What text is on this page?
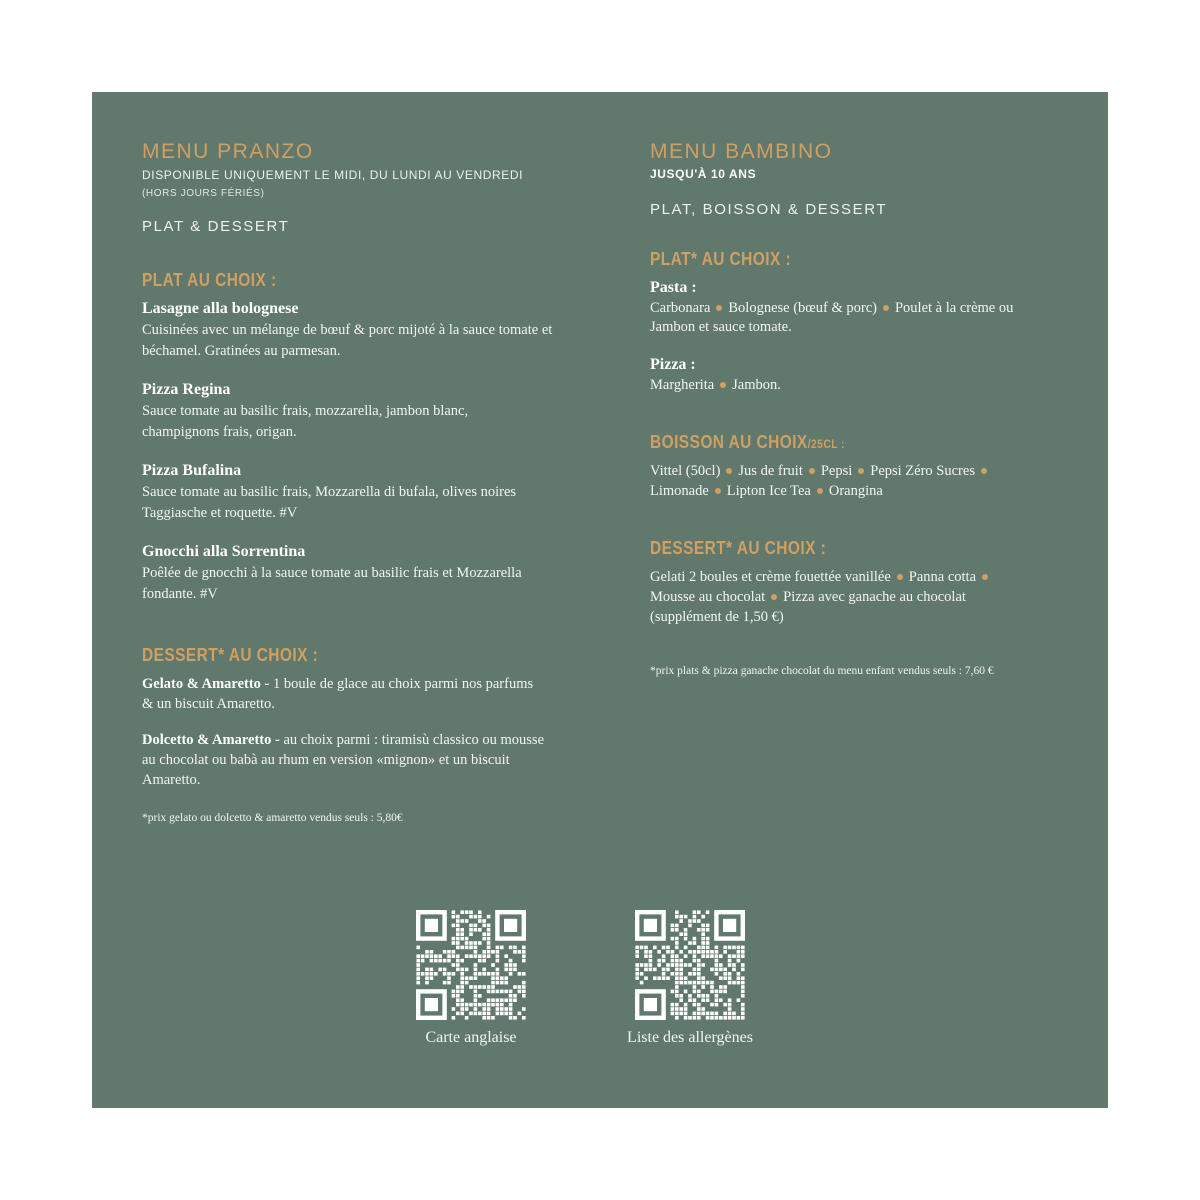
MENU PRANZO
DISPONIBLE UNIQUEMENT LE MIDI, DU LUNDI AU VENDREDI
(HORS JOURS FÉRIÉS)
PLAT & DESSERT
PLAT AU CHOIX :
Lasagne alla bolognese
Cuisinées avec un mélange de bœuf & porc mijoté à la sauce tomate et béchamel. Gratinées au parmesan.
Pizza Regina
Sauce tomate au basilic frais, mozzarella, jambon blanc, champignons frais, origan.
Pizza Bufalina
Sauce tomate au basilic frais, Mozzarella di bufala, olives noires Taggiasche et roquette. #V
Gnocchi alla Sorrentina
Poêlée de gnocchi à la sauce tomate au basilic frais et Mozzarella fondante. #V
DESSERT* AU CHOIX :
Gelato & Amaretto - 1 boule de glace au choix parmi nos parfums & un biscuit Amaretto.
Dolcetto & Amaretto - au choix parmi : tiramisù classico ou mousse au chocolat ou babà au rhum en version «mignon» et un biscuit Amaretto.
*prix gelato ou dolcetto & amaretto vendus seuls : 5,80€
MENU BAMBINO
JUSQU'À 10 ANS
PLAT, BOISSON & DESSERT
PLAT* AU CHOIX :
Pasta :
Carbonara Bolognese (bœuf & porc) Poulet à la crème ou
Jambon et sauce tomate.
Pizza :
Margherita Jambon.
BOISSON AU CHOIX/25CL :
Vittel (50cl) Jus de fruit Pepsi Pepsi Zéro Sucres
Limonade Lipton Ice Tea Orangina
DESSERT* AU CHOIX :
Gelati 2 boules et crème fouettée vanillée Panna cotta
Mousse au chocolat Pizza avec ganache au chocolat
(supplément de 1,50 €)
*prix plats & pizza ganache chocolat du menu enfant vendus seuls : 7,60 €
Carte anglaise	Liste des allergènes
